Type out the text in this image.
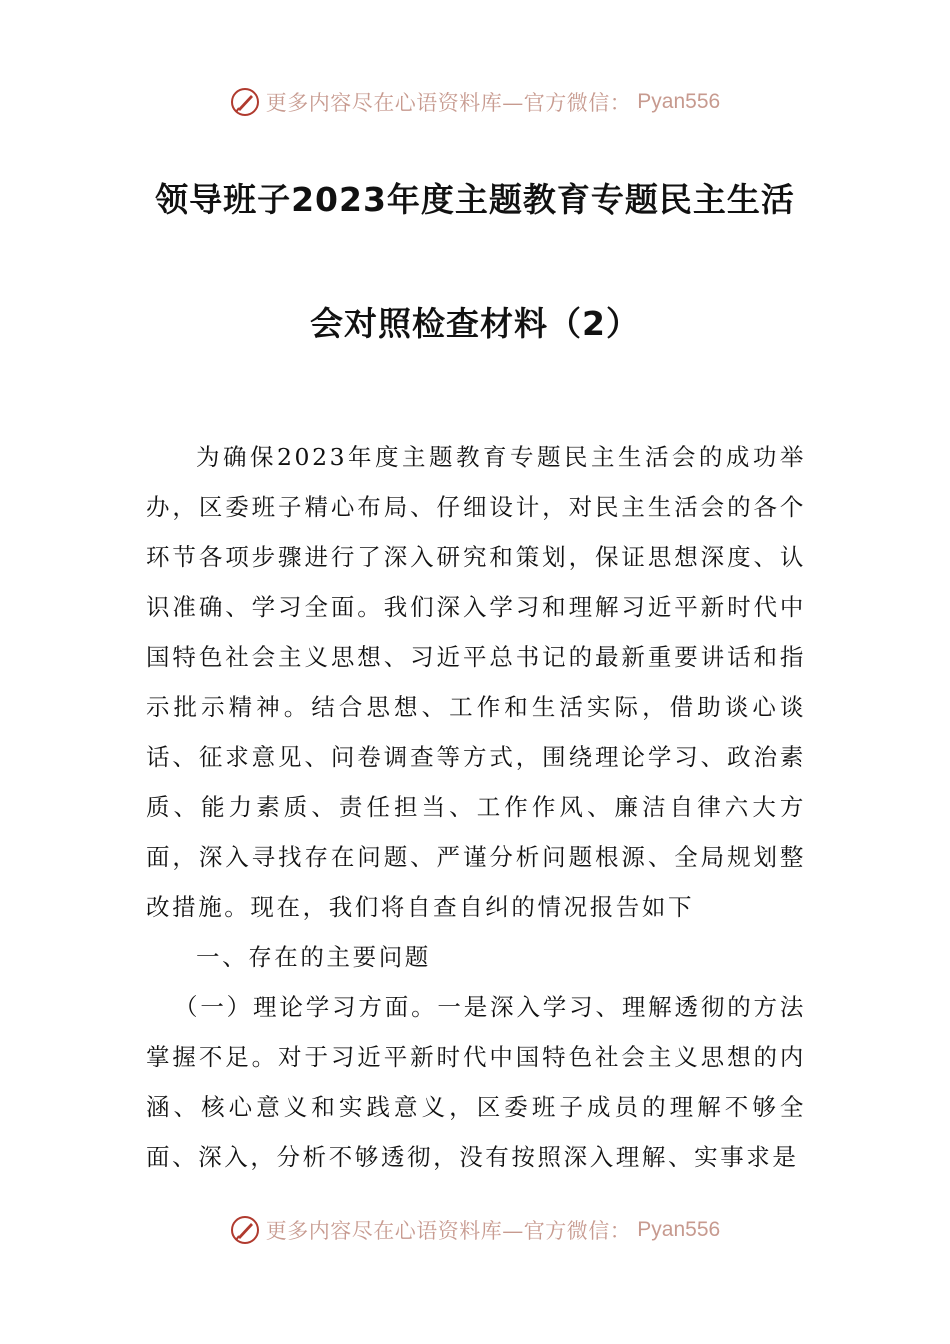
更多内容尽在心语资料库—官方微信： Pyan556
领导班子2023年度主题教育专题民主生活
会对照检查材料（2）

为确保2023年度主题教育专题民主生活会的成功举办，区委班子精心布局、仔细设计，对民主生活会的各个环节各项步骤进行了深入研究和策划，保证思想深度、认识准确、学习全面。我们深入学习和理解习近平新时代中国特色社会主义思想、习近平总书记的最新重要讲话和指示批示精神。结合思想、工作和生活实际，借助谈心谈话、征求意见、问卷调查等方式，围绕理论学习、政治素质、能力素质、责任担当、工作作风、廉洁自律六大方面，深入寻找存在问题、严谨分析问题根源、全局规划整改措施。现在，我们将自查自纠的情况报告如下

一、存在的主要问题

（一）理论学习方面。一是深入学习、理解透彻的方法掌握不足。对于习近平新时代中国特色社会主义思想的内涵、核心意义和实践意义，区委班子成员的理解不够全面、深入，分析不够透彻，没有按照深入理解、实事求是

更多内容尽在心语资料库—官方微信： Pyan556
